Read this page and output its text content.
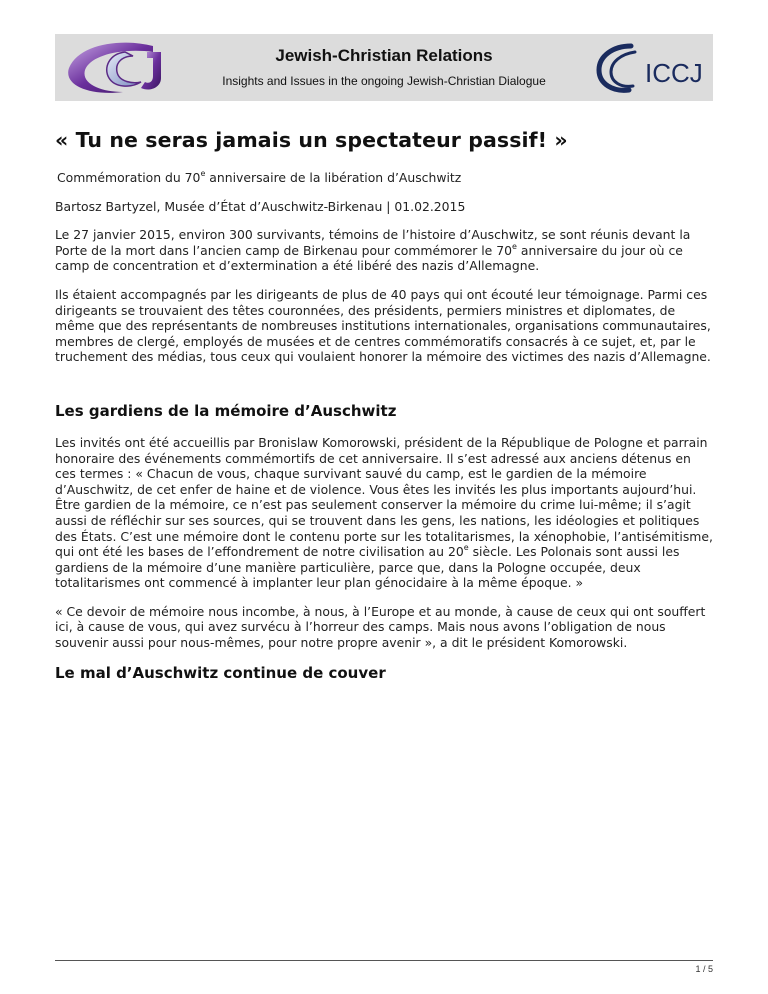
Jewish-Christian Relations
Insights and Issues in the ongoing Jewish-Christian Dialogue	ICCJ
« Tu ne seras jamais un spectateur passif! »

Commémoration du 70e anniversaire de la libération d’Auschwitz

Bartosz Bartyzel, Musée d’État d’Auschwitz-Birkenau | 01.02.2015

Le 27 janvier 2015, environ 300 survivants, témoins de l’histoire d’Auschwitz, se sont réunis devant la Porte de la mort dans l’ancien camp de Birkenau pour commémorer le 70e anniversaire du jour où ce camp de concentration et d’extermination a été libéré des nazis d’Allemagne.

Ils étaient accompagnés par les dirigeants de plus de 40 pays qui ont écouté leur témoignage. Parmi ces dirigeants se trouvaient des têtes couronnées, des présidents, permiers ministres et diplomates, de même que des représentants de nombreuses institutions internationales, organisations communautaires, membres de clergé, employés de musées et de centres commémoratifs consacrés à ce sujet, et, par le truchement des médias, tous ceux qui voulaient honorer la mémoire des victimes des nazis d’Allemagne.

Les gardiens de la mémoire d’Auschwitz

Les invités ont été accueillis par Bronislaw Komorowski, président de la République de Pologne et parrain honoraire des événements commémortifs de cet anniversaire. Il s’est adressé aux anciens détenus en ces termes : « Chacun de vous, chaque survivant sauvé du camp, est le gardien de la mémoire d’Auschwitz, de cet enfer de haine et de violence. Vous êtes les invités les plus importants aujourd’hui. Être gardien de la mémoire, ce n’est pas seulement conserver la mémoire du crime lui-même; il s’agit aussi de réfléchir sur ses sources, qui se trouvent dans les gens, les nations, les idéologies et politiques des États. C’est une mémoire dont le contenu porte sur les totalitarismes, la xénophobie, l’antisémitisme, qui ont été les bases de l’effondrement de notre civilisation au 20e siècle. Les Polonais sont aussi les gardiens de la mémoire d’une manière particulière, parce que, dans la Pologne occupée, deux totalitarismes ont commencé à implanter leur plan génocidaire à la même époque. »

« Ce devoir de mémoire nous incombe, à nous, à l’Europe et au monde, à cause de ceux qui ont souffert ici, à cause de vous, qui avez survécu à l’horreur des camps. Mais nous avons l’obligation de nous souvenir aussi pour nous-mêmes, pour notre propre avenir », a dit le président Komorowski.

Le mal d’Auschwitz continue de couver
1 / 5
